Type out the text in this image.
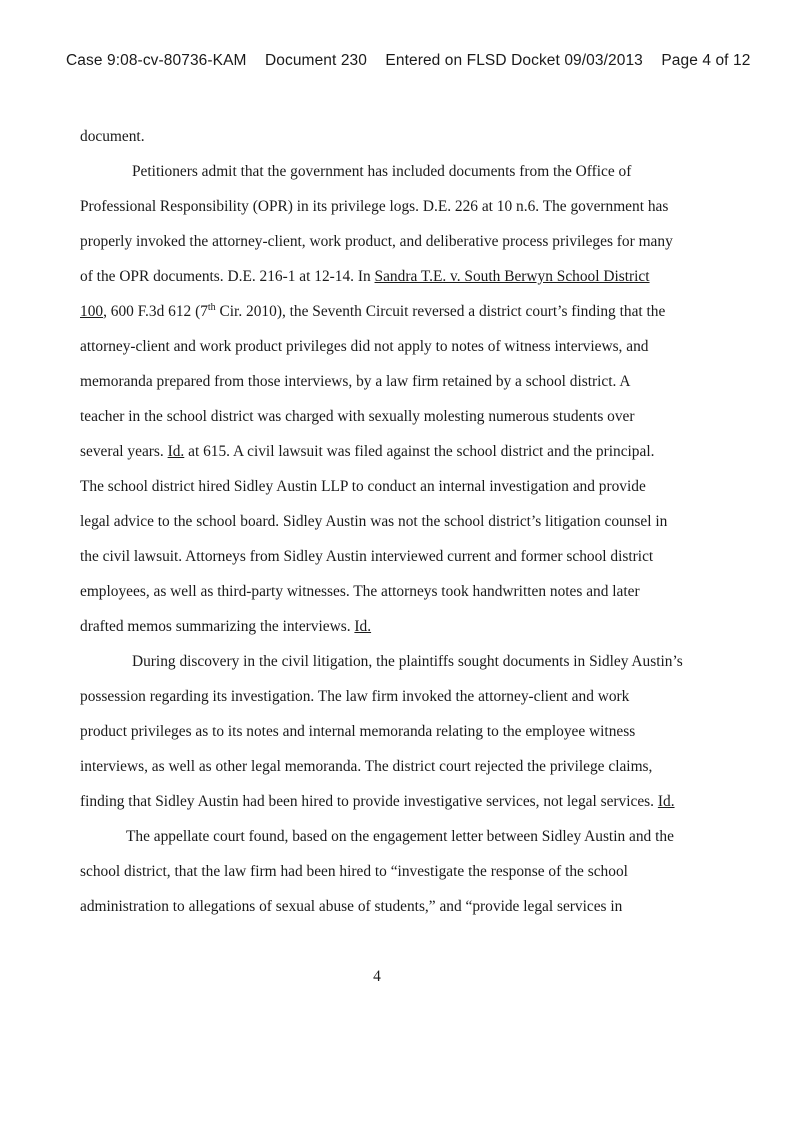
Case 9:08-cv-80736-KAM Document 230 Entered on FLSD Docket 09/03/2013 Page 4 of 12
document.
Petitioners admit that the government has included documents from the Office of
Professional Responsibility (OPR) in its privilege logs. D.E. 226 at 10 n.6. The government has
properly invoked the attorney-client, work product, and deliberative process privileges for many
of the OPR documents. D.E. 216-1 at 12-14. In Sandra T.E. v. South Berwyn School District
100, 600 F.3d 612 (7th Cir. 2010), the Seventh Circuit reversed a district court’s finding that the
attorney-client and work product privileges did not apply to notes of witness interviews, and
memoranda prepared from those interviews, by a law firm retained by a school district. A
teacher in the school district was charged with sexually molesting numerous students over
several years. Id. at 615. A civil lawsuit was filed against the school district and the principal.
The school district hired Sidley Austin LLP to conduct an internal investigation and provide
legal advice to the school board. Sidley Austin was not the school district’s litigation counsel in
the civil lawsuit. Attorneys from Sidley Austin interviewed current and former school district
employees, as well as third-party witnesses. The attorneys took handwritten notes and later
drafted memos summarizing the interviews. Id.
During discovery in the civil litigation, the plaintiffs sought documents in Sidley Austin’s
possession regarding its investigation. The law firm invoked the attorney-client and work
product privileges as to its notes and internal memoranda relating to the employee witness
interviews, as well as other legal memoranda. The district court rejected the privilege claims,
finding that Sidley Austin had been hired to provide investigative services, not legal services. Id.
The appellate court found, based on the engagement letter between Sidley Austin and the
school district, that the law firm had been hired to “investigate the response of the school
administration to allegations of sexual abuse of students,” and “provide legal services in
4
